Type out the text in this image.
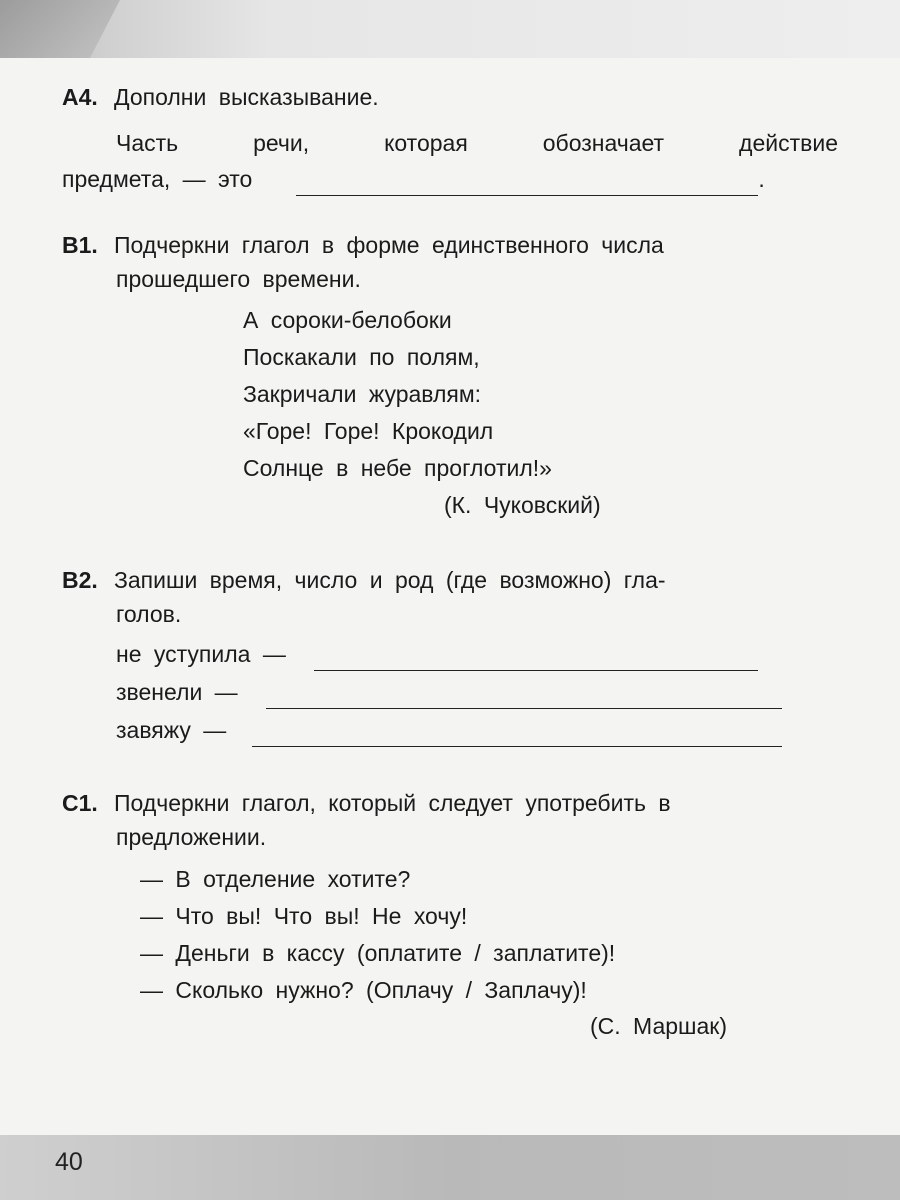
А4. Дополни высказывание.
Часть речи, которая обозначает действие
предмета, — это	.
В1. Подчеркни глагол в форме единственного числа
прошедшего времени.
А сороки-белобоки
Поскакали по полям,
Закричали журавлям:
«Горе! Горе! Крокодил
Солнце в небе проглотил!»
(К. Чуковский)
В2. Запиши время, число и род (где возможно) гла-
голов.
не уступила —
звенели —
завяжу —
С1. Подчеркни глагол, который следует употребить в
предложении.
— В отделение хотите?
— Что вы! Что вы! Не хочу!
— Деньги в кассу (оплатите / заплатите)!
— Сколько нужно? (Оплачу / Заплачу)!
(С. Маршак)
40
